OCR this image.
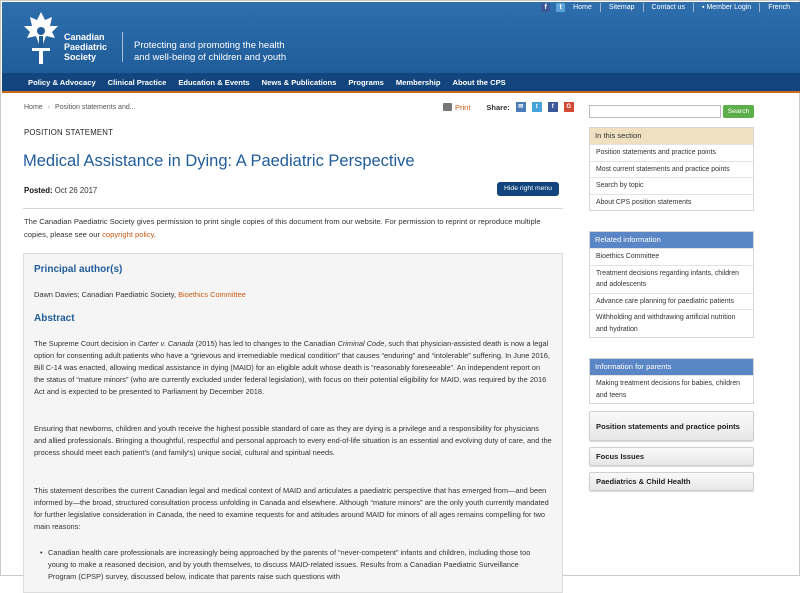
Canadian
Paediatric
Society
Protecting and promoting the health
and well-being of children and youth
f	t	Home Sitemap Contact us ▪ Member Login French
Policy & Advocacy	Clinical Practice	Education & Events	News & Publications	Programs	Membership	About the CPS
Home › Position statements and...	Print Share:	✉	t	f	G
POSITION STATEMENT
Medical Assistance in Dying: A Paediatric Perspective
Posted: Oct 26 2017	Hide right menu
The Canadian Paediatric Society gives permission to print single copies of this document from our website. For permission to reprint or reproduce multiple copies, please see our copyright policy.
Principal author(s)
Dawn Davies; Canadian Paediatric Society, Bioethics Committee
Abstract
The Supreme Court decision in Carter v. Canada (2015) has led to changes to the Canadian Criminal Code, such that physician-assisted death is now a legal option for consenting adult patients who have a “grievous and irremediable medical condition” that causes “enduring” and “intolerable” suffering. In June 2016, Bill C-14 was enacted, allowing medical assistance in dying (MAID) for an eligible adult whose death is “reasonably foreseeable”. An independent report on the status of “mature minors” (who are currently excluded under federal legislation), with focus on their potential eligibility for MAID, was required by the 2016 Act and is expected to be presented to Parliament by December 2018.
Ensuring that newborns, children and youth receive the highest possible standard of care as they are dying is a privilege and a responsibility for physicians and allied professionals. Bringing a thoughtful, respectful and personal approach to every end-of-life situation is an essential and evolving duty of care, and the process should meet each patient’s (and family’s) unique social, cultural and spiritual needs.
This statement describes the current Canadian legal and medical context of MAID and articulates a paediatric perspective that has emerged from—and been informed by—the broad, structured consultation process unfolding in Canada and elsewhere. Although “mature minors” are the only youth currently mandated for further legislative consideration in Canada, the need to examine requests for and attitudes around MAID for minors of all ages remains compelling for two main reasons:
• Canadian health care professionals are increasingly being approached by the parents of “never-competent” infants and children, including those too young to make a reasoned decision, and by youth themselves, to discuss MAID-related issues. Results from a Canadian Paediatric Surveillance Program (CPSP) survey, discussed below, indicate that parents raise such questions with
Search
In this section
Position statements and practice points
Most current statements and practice points
Search by topic
About CPS position statements
Related information
Bioethics Committee
Treatment decisions regarding infants, children and adolescents
Advance care planning for paediatric patients
Withholding and withdrawing artificial nutrition and hydration
Information for parents
Making treatment decisions for babies, children and teens
Position statements and practice points
Focus Issues
Paediatrics & Child Health
